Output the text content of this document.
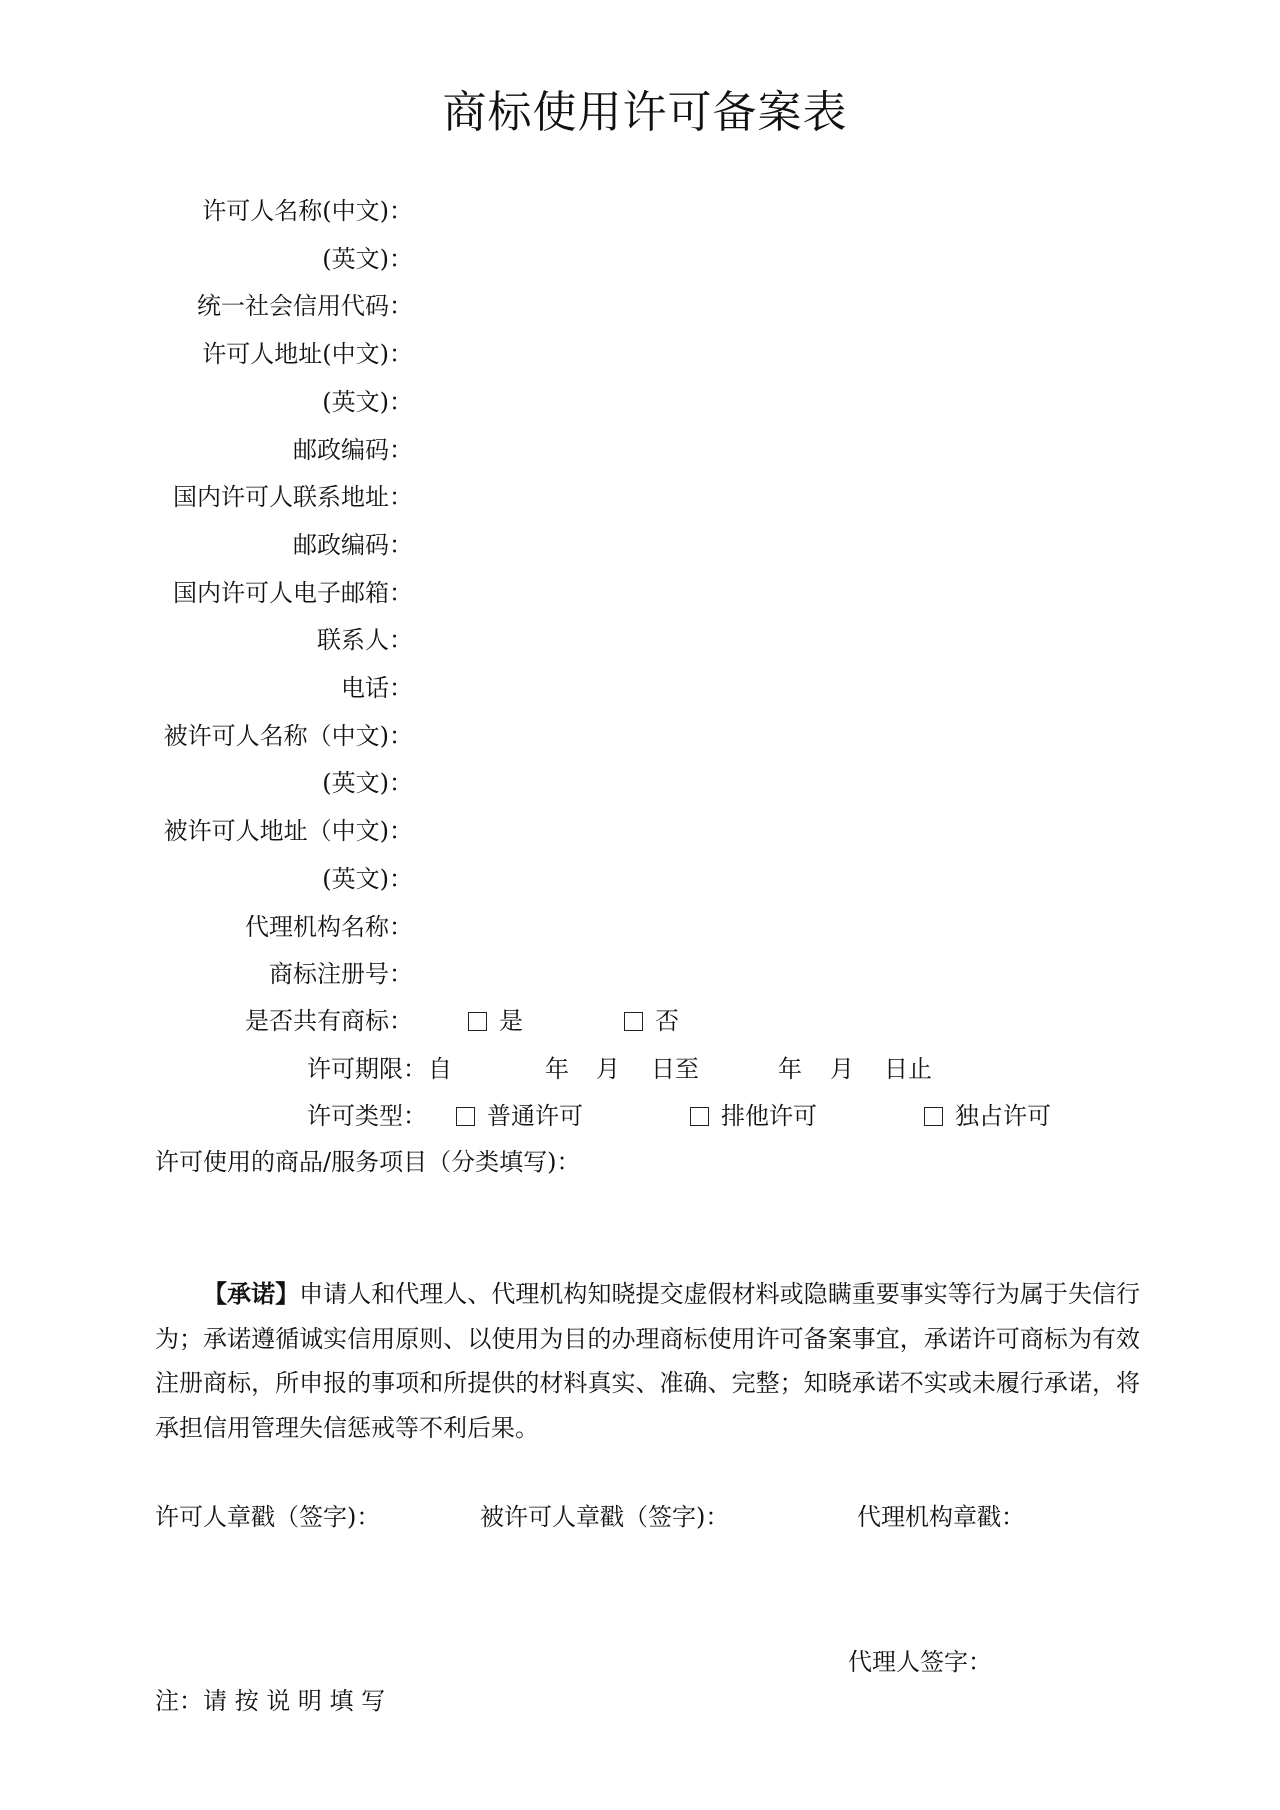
商标使用许可备案表
许可人名称(中文)：
(英文)：
统一社会信用代码：
许可人地址(中文)：
(英文)：
邮政编码：
国内许可人联系地址：
邮政编码：
国内许可人电子邮箱：
联系人：
电话：
被许可人名称（中文)：
(英文)：
被许可人地址（中文)：
(英文)：
代理机构名称：
商标注册号：
是否共有商标：	是	否
许可期限： 自	年 月 日至	年 月 日止
许可类型：	普通许可	排他许可	独占许可
许可使用的商品/服务项目（分类填写)：
【承诺】申请人和代理人、代理机构知晓提交虚假材料或隐瞒重要事实等行为属于失信行为；承诺遵循诚实信用原则、以使用为目的办理商标使用许可备案事宜，承诺许可商标为有效注册商标，所申报的事项和所提供的材料真实、准确、完整；知晓承诺不实或未履行承诺，将承担信用管理失信惩戒等不利后果。
许可人章戳（签字)：	被许可人章戳（签字)：	代理机构章戳：
代理人签字：
注：请 按 说 明 填 写
